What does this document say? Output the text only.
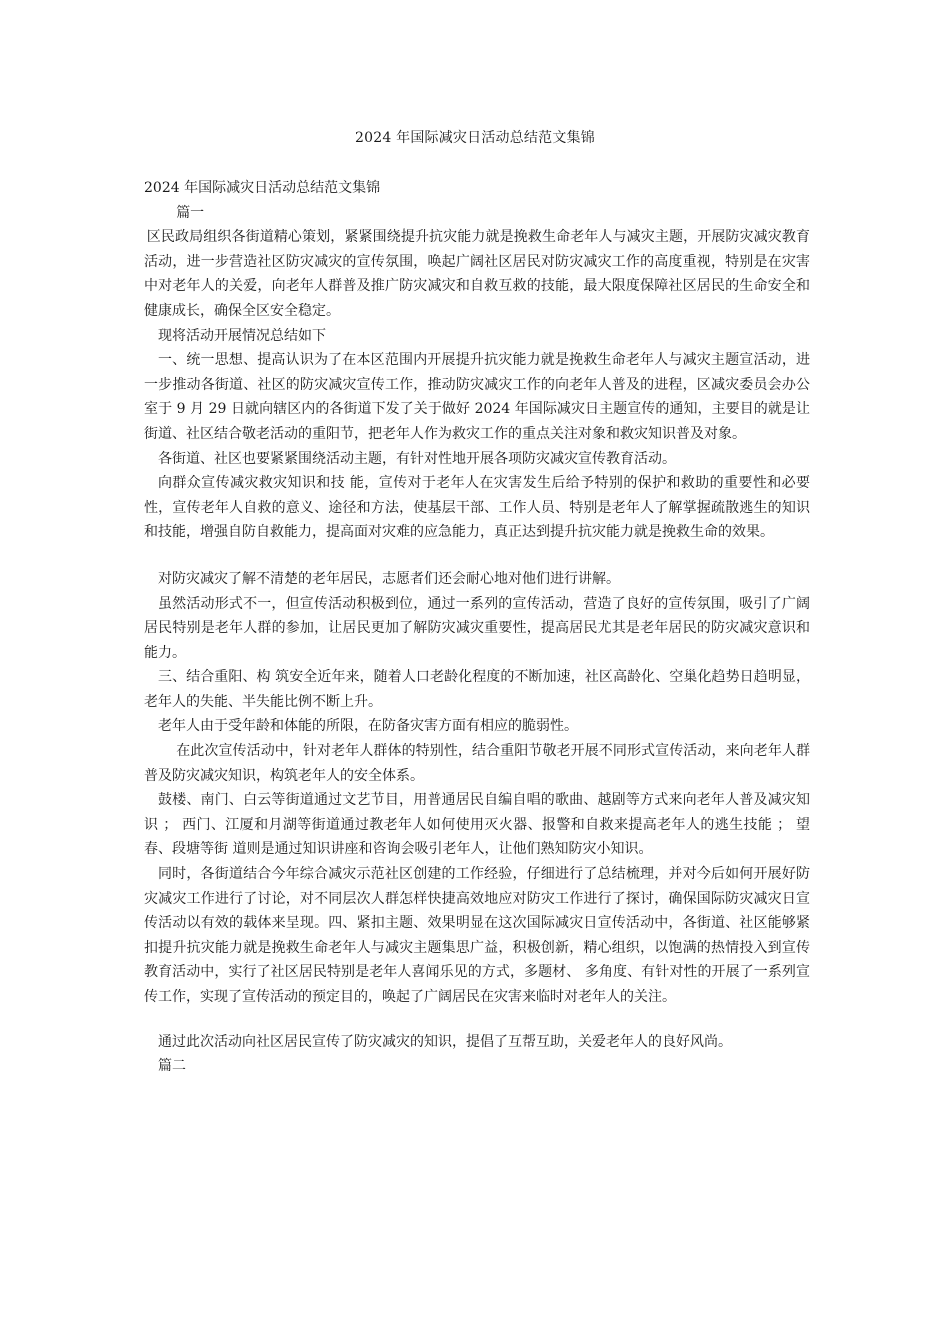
2024 年国际减灾日活动总结范文集锦

2024 年国际减灾日活动总结范文集锦

篇一

区民政局组织各街道精心策划，紧紧围绕提升抗灾能力就是挽救生命老年人与减灾主题，开展防灾减灾教育活动，进一步营造社区防灾减灾的宣传氛围，唤起广阔社区居民对防灾减灾工作的高度重视，特别是在灾害中对老年人的关爱，向老年人群普及推广防灾减灾和自救互救的技能，最大限度保障社区居民的生命安全和健康成长，确保全区安全稳定。

现将活动开展情况总结如下

一、统一思想、提高认识为了在本区范围内开展提升抗灾能力就是挽救生命老年人与减灾主题宣活动，进一步推动各街道、社区的防灾减灾宣传工作，推动防灾减灾工作的向老年人普及的进程，区减灾委员会办公室于 9 月 29 日就向辖区内的各街道下发了关于做好 2024 年国际减灾日主题宣传的通知，主要目的就是让街道、社区结合敬老活动的重阳节，把老年人作为救灾工作的重点关注对象和救灾知识普及对象。

各街道、社区也要紧紧围绕活动主题，有针对性地开展各项防灾减灾宣传教育活动。

向群众宣传减灾救灾知识和技 能，宣传对于老年人在灾害发生后给予特别的保护和救助的重要性和必要性，宣传老年人自救的意义、途径和方法，使基层干部、工作人员、特别是老年人了解掌握疏散逃生的知识和技能，增强自防自救能力，提高面对灾难的应急能力，真正达到提升抗灾能力就是挽救生命的效果。

对防灾减灾了解不清楚的老年居民，志愿者们还会耐心地对他们进行讲解。

虽然活动形式不一，但宣传活动积极到位，通过一系列的宣传活动，营造了良好的宣传氛围，吸引了广阔居民特别是老年人群的参加，让居民更加了解防灾减灾重要性，提高居民尤其是老年居民的防灾减灾意识和能力。

三、结合重阳、构 筑安全近年来，随着人口老龄化程度的不断加速，社区高龄化、空巢化趋势日趋明显，老年人的失能、半失能比例不断上升。

老年人由于受年龄和体能的所限，在防备灾害方面有相应的脆弱性。

在此次宣传活动中，针对老年人群体的特别性，结合重阳节敬老开展不同形式宣传活动，来向老年人群普及防灾减灾知识，构筑老年人的安全体系。

鼓楼、南门、白云等街道通过文艺节目，用普通居民自编自唱的歌曲、越剧等方式来向老年人普及减灾知识 ； 西门、江厦和月湖等街道通过教老年人如何使用灭火器、报警和自救来提高老年人的逃生技能 ； 望春、段塘等街 道则是通过知识讲座和咨询会吸引老年人，让他们熟知防灾小知识。

同时，各街道结合今年综合减灾示范社区创建的工作经验，仔细进行了总结梳理，并对今后如何开展好防灾减灾工作进行了讨论，对不同层次人群怎样快捷高效地应对防灾工作进行了探讨，确保国际防灾减灾日宣传活动以有效的载体来呈现。四、紧扣主题、效果明显在这次国际减灾日宣传活动中，各街道、社区能够紧扣提升抗灾能力就是挽救生命老年人与减灾主题集思广益，积极创新，精心组织，以饱满的热情投入到宣传教育活动中，实行了社区居民特别是老年人喜闻乐见的方式，多题材、 多角度、有针对性的开展了一系列宣传工作，实现了宣传活动的预定目的，唤起了广阔居民在灾害来临时对老年人的关注。

通过此次活动向社区居民宣传了防灾减灾的知识，提倡了互帮互助，关爱老年人的良好风尚。

篇二
